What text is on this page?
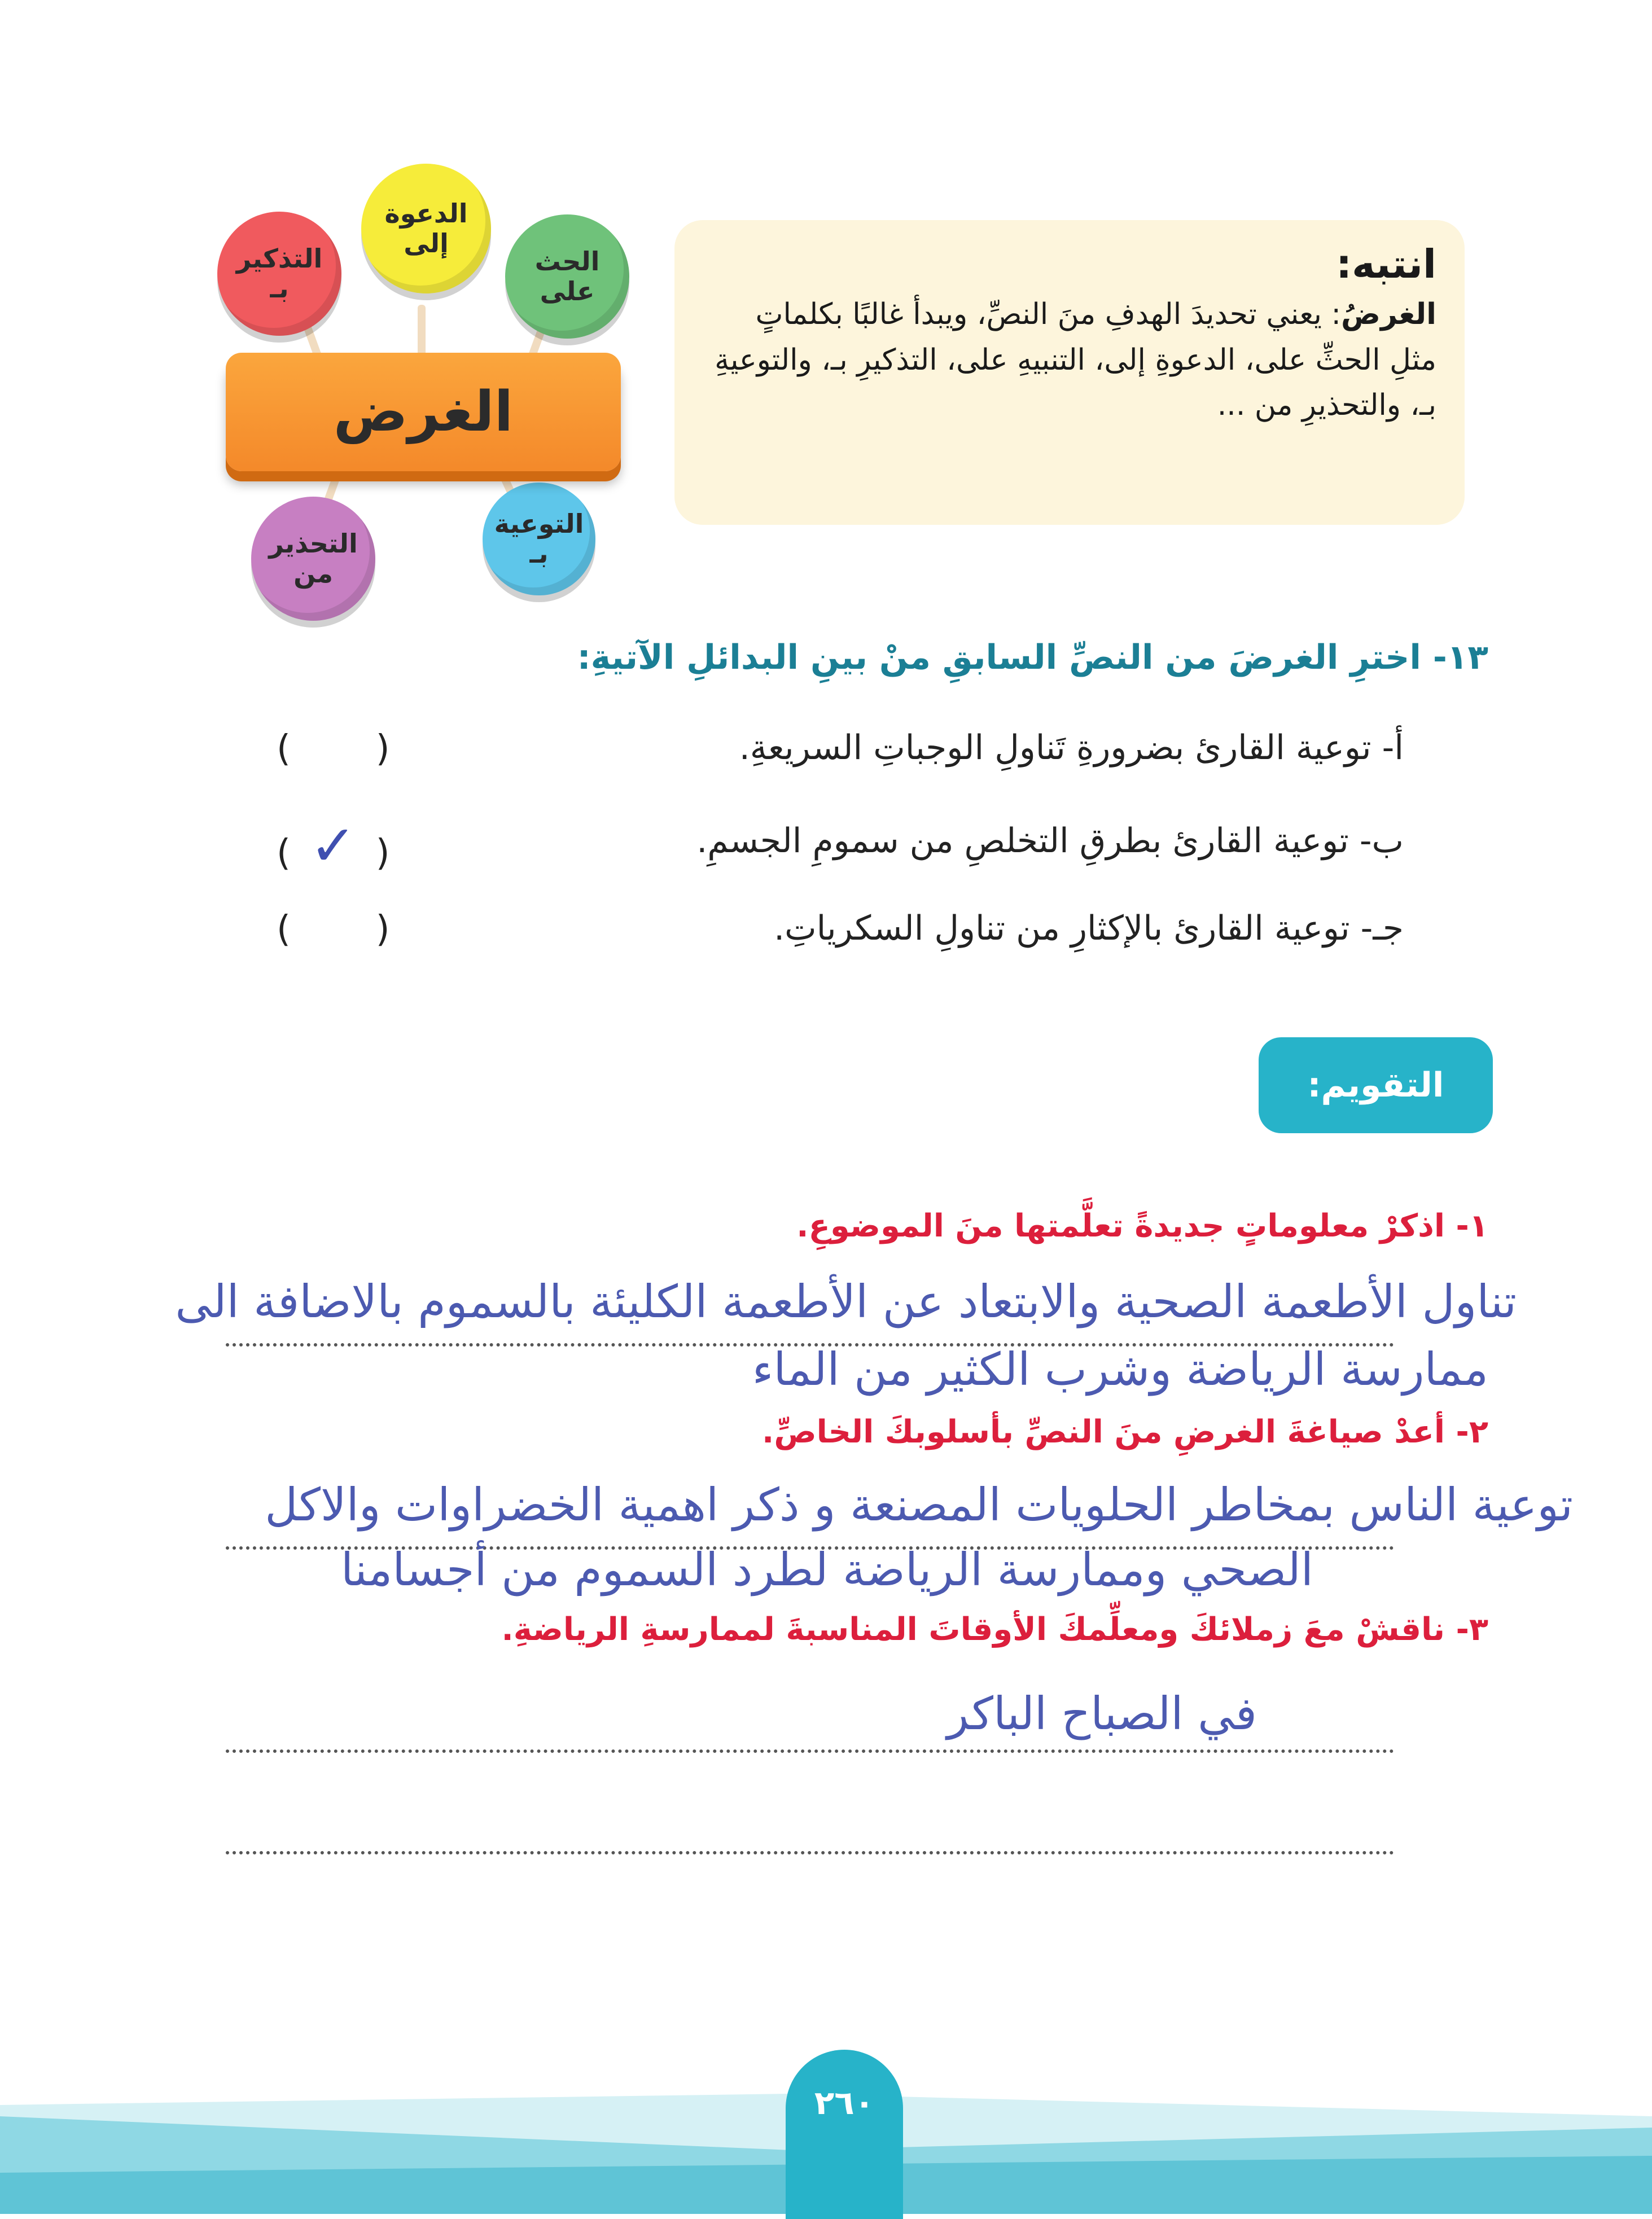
انتبه:

الغرضُ: يعني تحديدَ الهدفِ منَ النصِّ، ويبدأ غالبًا بكلماتٍ مثلِ الحثِّ على، الدعوةِ إلى، التنبيهِ على، التذكيرِ بـ، والتوعيةِ بـ، والتحذيرِ من ...

التذكير
بـ
الدعوة
إلى
الحث
على
التحذير
من
التوعية
بـ
الغرض
١٣- اخترِ الغرضَ من النصِّ السابقِ منْ بينِ البدائلِ الآتيةِ:
أ- توعية القارئ بضرورةِ تَناولِ الوجباتِ السريعةِ.
( )
ب- توعية القارئ بطرقِ التخلصِ من سمومِ الجسمِ.
( ✓ )
جـ- توعية القارئ بالإكثارِ من تناولِ السكرياتِ.
( )
التقويم:
١- اذكرْ معلوماتٍ جديدةً تعلَّمتها منَ الموضوعِ.
تناول الأطعمة الصحية والابتعاد عن الأطعمة الكليئة بالسموم بالاضافة الى
ممارسة الرياضة وشرب الكثير من الماء
٢- أعدْ صياغةَ الغرضِ منَ النصِّ بأسلوبكَ الخاصِّ.
توعية الناس بمخاطر الحلويات المصنعة و ذكر اهمية الخضراوات والاكل
الصحي وممارسة الرياضة لطرد السموم من أجسامنا
٣- ناقشْ معَ زملائكَ ومعلِّمكَ الأوقاتَ المناسبةَ لممارسةِ الرياضةِ.
في الصباح الباكر
٢٦٠
